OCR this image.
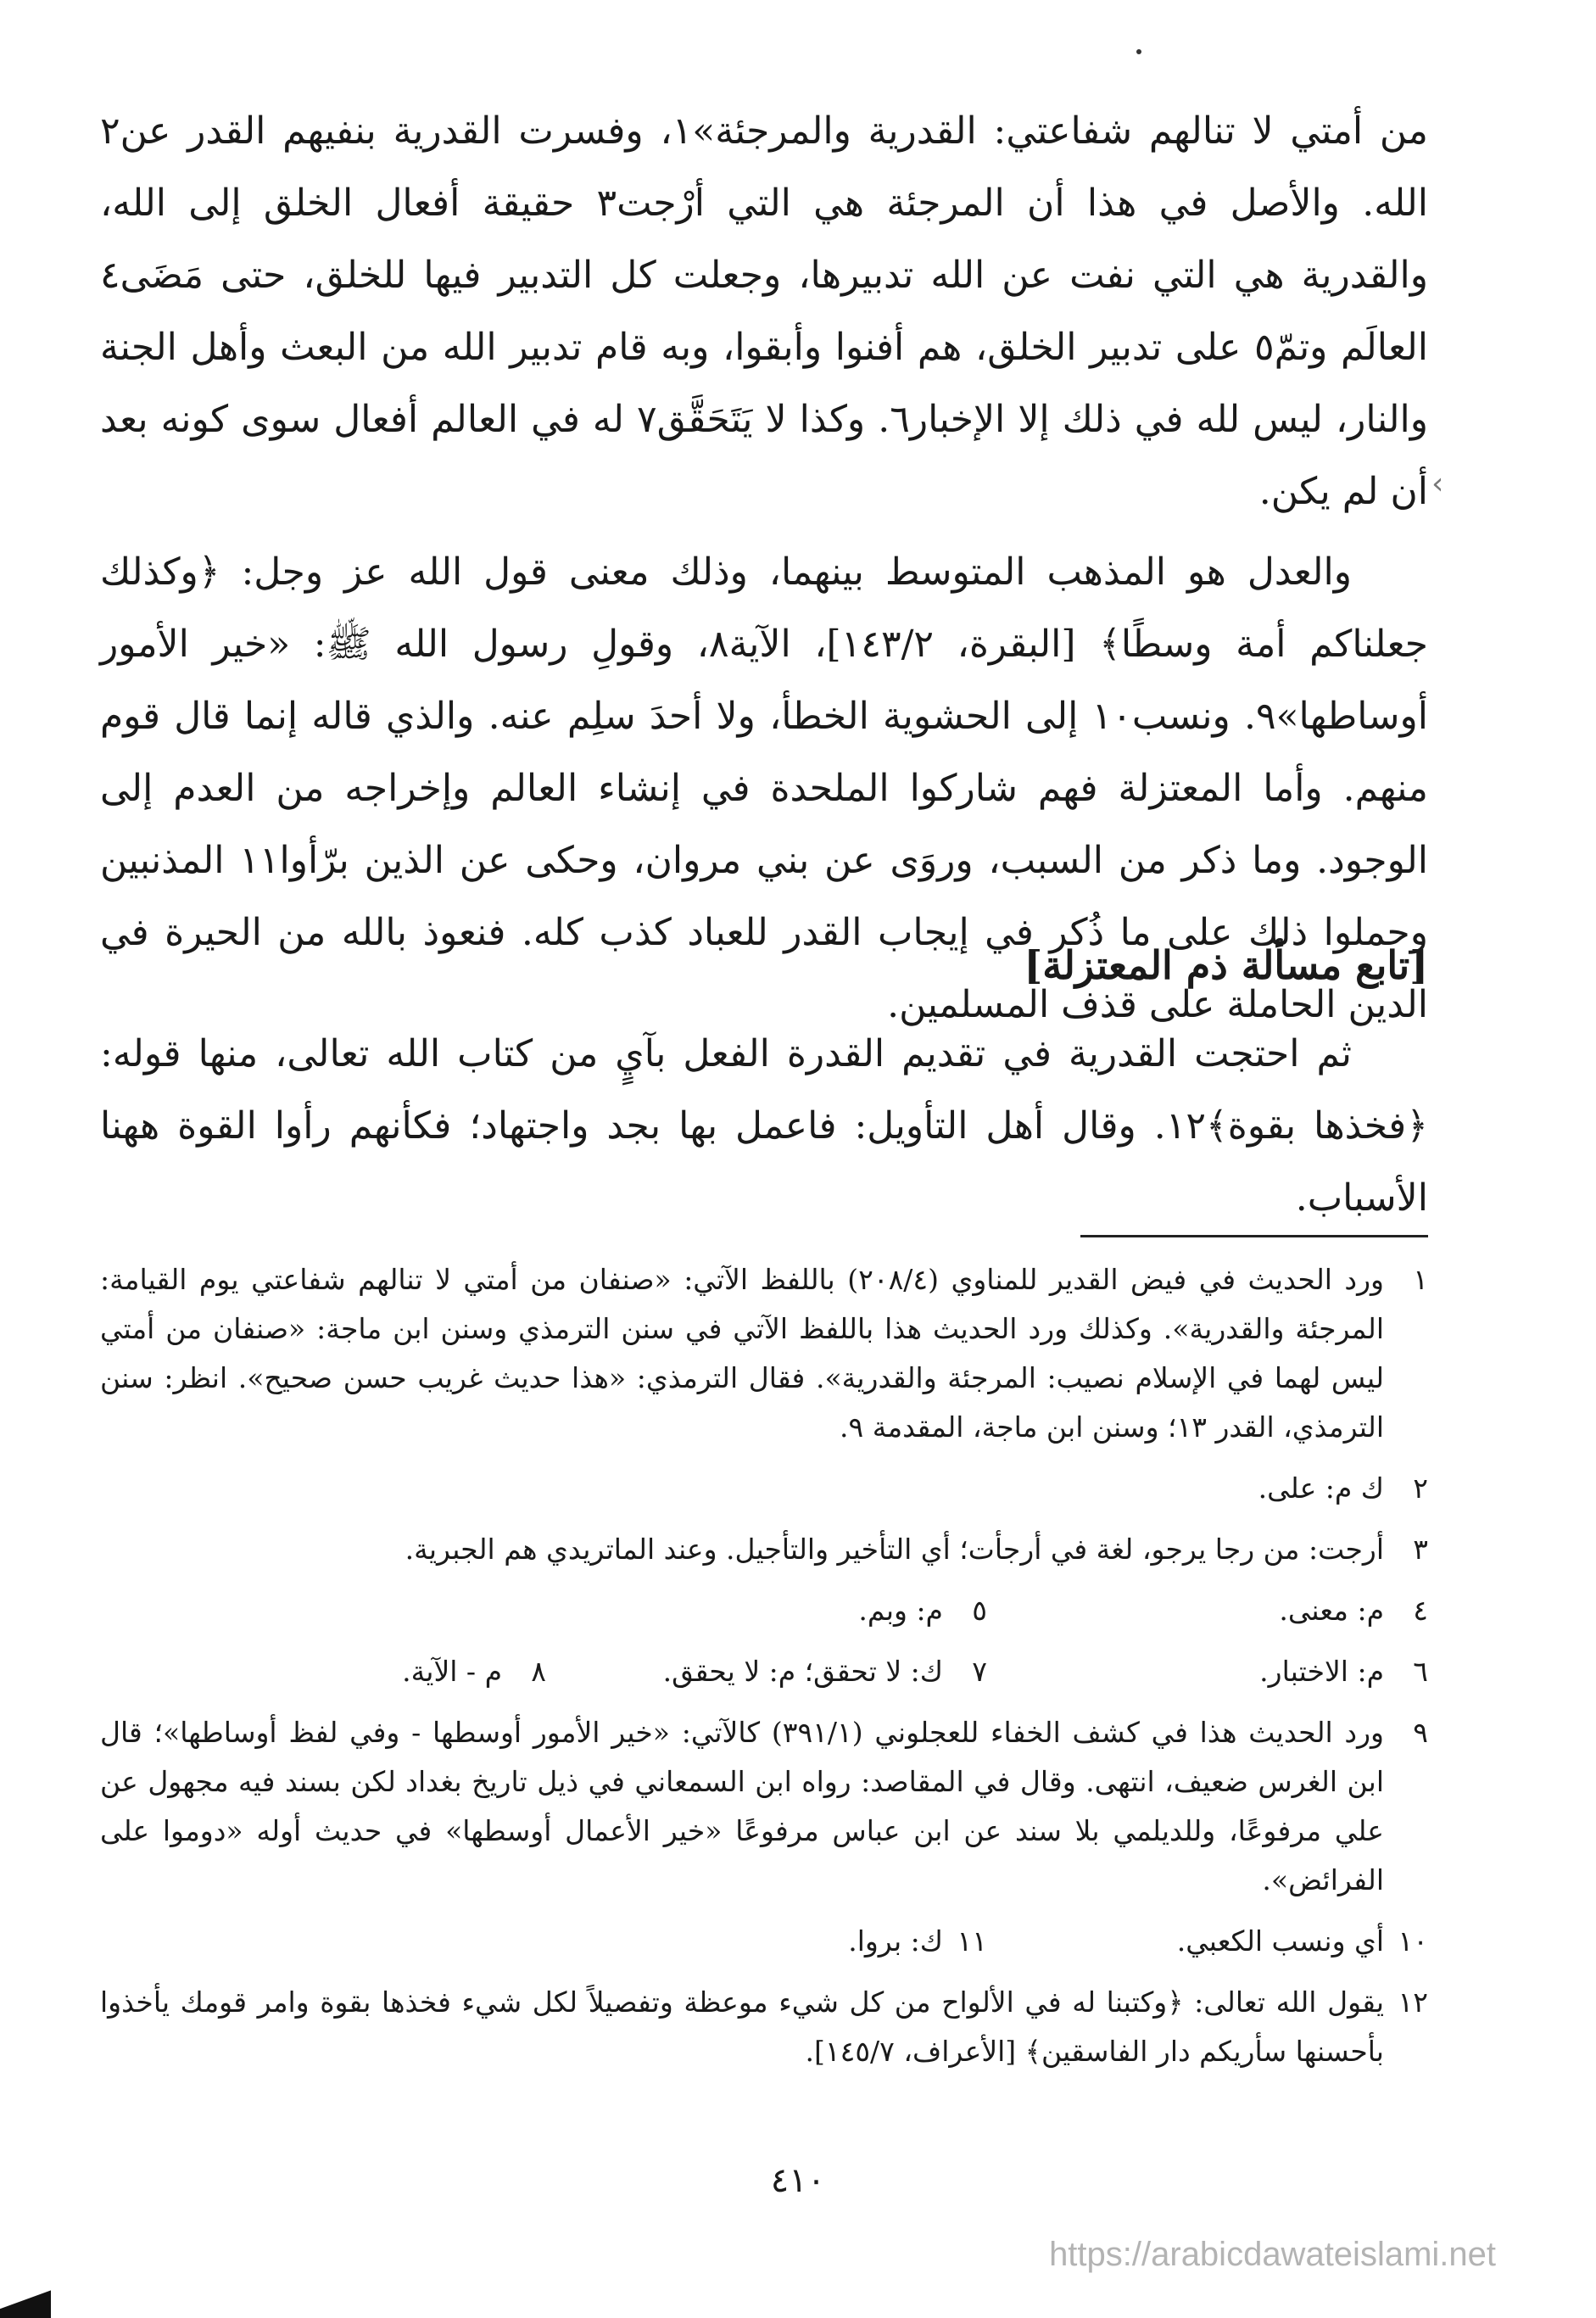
‹

من أمتي لا تنالهم شفاعتي: القدرية والمرجئة»١، وفسرت القدرية بنفيهم القدر عن٢ الله. والأصل في هذا أن المرجئة هي التي أرْجت٣ حقيقة أفعال الخلق إلى الله، والقدرية هي التي نفت عن الله تدبيرها، وجعلت كل التدبير فيها للخلق، حتى مَضَى٤ العالَم وتمّ٥ على تدبير الخلق، هم أفنوا وأبقوا، وبه قام تدبير الله من البعث وأهل الجنة والنار، ليس لله في ذلك إلا الإخبار٦. وكذا لا يَتَحَقَّق٧ له في العالم أفعال سوى كونه بعد أن لم يكن.

والعدل هو المذهب المتوسط بينهما، وذلك معنى قول الله عز وجل: ﴿وكذلك جعلناكم أمة وسطًا﴾ [البقرة، ١٤٣/٢]، الآية٨، وقولِ رسول الله ﷺ: «خير الأمور أوساطها»٩. ونسب١٠ إلى الحشوية الخطأ، ولا أحدَ سلِم عنه. والذي قاله إنما قال قوم منهم. وأما المعتزلة فهم شاركوا الملحدة في إنشاء العالم وإخراجه من العدم إلى الوجود. وما ذكر من السبب، وروَى عن بني مروان، وحكى عن الذين برّأوا١١ المذنبين وحملوا ذلك على ما ذُكر في إيجاب القدر للعباد كذب كله. فنعوذ بالله من الحيرة في الدين الحاملة على قذف المسلمين.

[تابع مسألة ذم المعتزلة]

ثم احتجت القدرية في تقديم القدرة الفعل بآيٍ من كتاب الله تعالى، منها قوله: ﴿فخذها بقوة﴾١٢. وقال أهل التأويل: فاعمل بها بجد واجتهاد؛ فكأنهم رأوا القوة ههنا الأسباب.

١
ورد الحديث في فيض القدير للمناوي (٢٠٨/٤) باللفظ الآتي: «صنفان من أمتي لا تنالهم شفاعتي يوم القيامة: المرجئة والقدرية». وكذلك ورد الحديث هذا باللفظ الآتي في سنن الترمذي وسنن ابن ماجة: «صنفان من أمتي ليس لهما في الإسلام نصيب: المرجئة والقدرية». فقال الترمذي: «هذا حديث غريب حسن صحيح». انظر: سنن الترمذي، القدر ١٣؛ وسنن ابن ماجة، المقدمة ٩.
٢
ك م: على.
٣
أرجت: من رجا يرجو، لغة في أرجأت؛ أي التأخير والتأجيل. وعند الماتريدي هم الجبرية.
٤
م: معنى.
٥
م: وبم.
٦
م: الاختبار.
٧
ك: لا تحقق؛ م: لا يحقق.
٨
م - الآية.
٩
ورد الحديث هذا في كشف الخفاء للعجلوني (٣٩١/١) كالآتي: «خير الأمور أوسطها - وفي لفظ أوساطها»؛ قال ابن الغرس ضعيف، انتهى. وقال في المقاصد: رواه ابن السمعاني في ذيل تاريخ بغداد لكن بسند فيه مجهول عن علي مرفوعًا، وللديلمي بلا سند عن ابن عباس مرفوعًا «خير الأعمال أوسطها» في حديث أوله «دوموا على الفرائض».
١٠
أي ونسب الكعبي.
١١
ك: بروا.
١٢
يقول الله تعالى: ﴿وكتبنا له في الألواح من كل شيء موعظة وتفصيلاً لكل شيء فخذها بقوة وامر قومك يأخذوا بأحسنها سأريكم دار الفاسقين﴾ [الأعراف، ١٤٥/٧].
٤١٠
https://arabicdawateislami.net
